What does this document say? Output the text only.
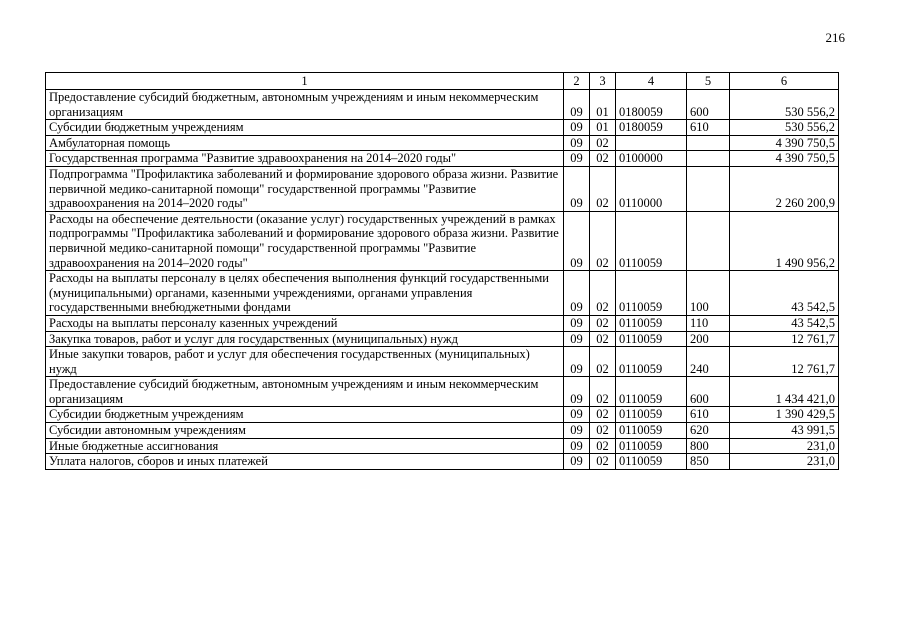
216
1	2	3	4	5	6
Предоставление субсидий бюджетным, автономным учреждениям и иным некоммерческим организациям	09	01	0180059	600	530 556,2
Субсидии бюджетным учреждениям	09	01	0180059	610	530 556,2
Амбулаторная помощь	09	02			4 390 750,5
Государственная программа "Развитие здравоохранения на 2014–2020 годы"	09	02	0100000		4 390 750,5
Подпрограмма "Профилактика заболеваний и формирование здорового образа жизни. Развитие первичной медико-санитарной помощи" государственной программы "Развитие здравоохранения на 2014–2020 годы"	09	02	0110000		2 260 200,9
Расходы на обеспечение деятельности (оказание услуг) государственных учреждений в рамках подпрограммы "Профилактика заболеваний и формирование здорового образа жизни. Развитие первичной медико-санитарной помощи" государственной программы "Развитие здравоохранения на 2014–2020 годы"	09	02	0110059		1 490 956,2
Расходы на выплаты персоналу в целях обеспечения выполнения функций государственными (муниципальными) органами, казенными учреждениями, органами управления государственными внебюджетными фондами	09	02	0110059	100	43 542,5
Расходы на выплаты персоналу казенных учреждений	09	02	0110059	110	43 542,5
Закупка товаров, работ и услуг для государственных (муниципальных) нужд	09	02	0110059	200	12 761,7
Иные закупки товаров, работ и услуг для обеспечения государственных (муниципальных) нужд	09	02	0110059	240	12 761,7
Предоставление субсидий бюджетным, автономным учреждениям и иным некоммерческим организациям	09	02	0110059	600	1 434 421,0
Субсидии бюджетным учреждениям	09	02	0110059	610	1 390 429,5
Субсидии автономным учреждениям	09	02	0110059	620	43 991,5
Иные бюджетные ассигнования	09	02	0110059	800	231,0
Уплата налогов, сборов и иных платежей	09	02	0110059	850	231,0
